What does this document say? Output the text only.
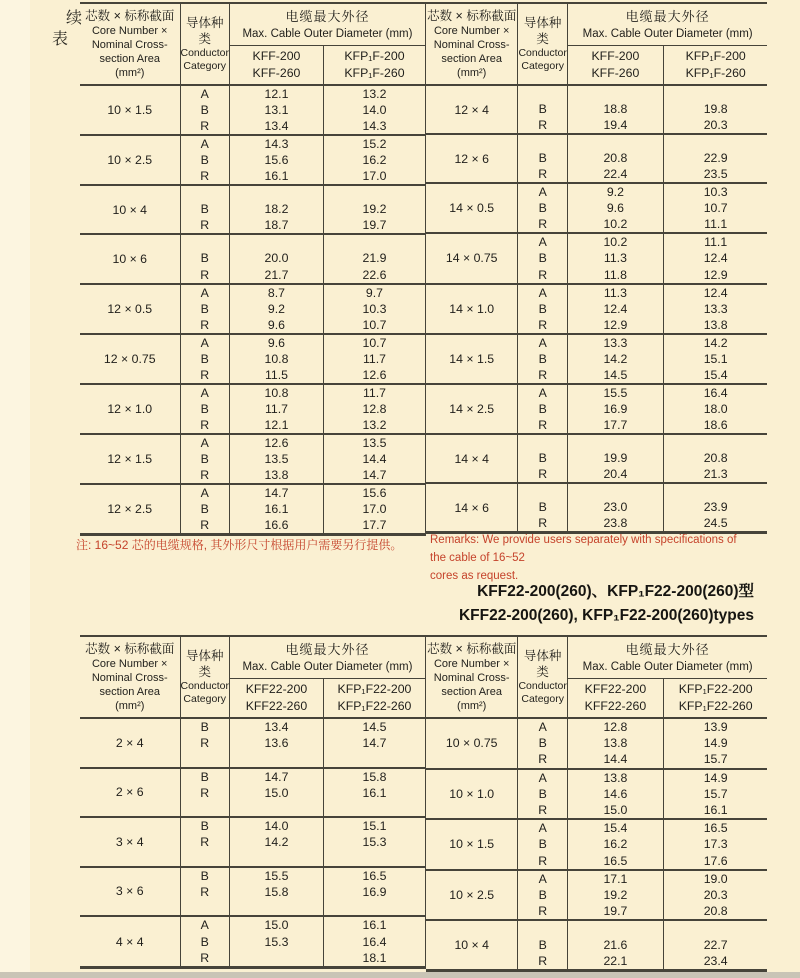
续
表
芯数 × 标称截面
Core Number ×
Nominal Cross-
section Area
(mm²)

导体种
类
Conductor
Category

电缆最大外径
Max. Cable Outer Diameter (mm)

KFF-200
KFF-260

KFP₁F-200
KFP₁F-260

10 × 1.5	A	12.1	13.2
	B	13.1	14.0
	R	13.4	14.3
10 × 2.5	A	14.3	15.2
	B	15.6	16.2
	R	16.1	17.0
10 × 4			
	B	18.2	19.2
	R	18.7	19.7
10 × 6			
	B	20.0	21.9
	R	21.7	22.6
12 × 0.5	A	8.7	9.7
	B	9.2	10.3
	R	9.6	10.7
12 × 0.75	A	9.6	10.7
	B	10.8	11.7
	R	11.5	12.6
12 × 1.0	A	10.8	11.7
	B	11.7	12.8
	R	12.1	13.2
12 × 1.5	A	12.6	13.5
	B	13.5	14.4
	R	13.8	14.7
12 × 2.5	A	14.7	15.6
	B	16.1	17.0
	R	16.6	17.7
芯数 × 标称截面
Core Number ×
Nominal Cross-
section Area
(mm²)

导体种
类
Conductor
Category

电缆最大外径
Max. Cable Outer Diameter (mm)

KFF-200
KFF-260

KFP₁F-200
KFP₁F-260

12 × 4			
	B	18.8	19.8
	R	19.4	20.3
12 × 6			
	B	20.8	22.9
	R	22.4	23.5
14 × 0.5	A	9.2	10.3
	B	9.6	10.7
	R	10.2	11.1
14 × 0.75	A	10.2	11.1
	B	11.3	12.4
	R	11.8	12.9
14 × 1.0	A	11.3	12.4
	B	12.4	13.3
	R	12.9	13.8
14 × 1.5	A	13.3	14.2
	B	14.2	15.1
	R	14.5	15.4
14 × 2.5	A	15.5	16.4
	B	16.9	18.0
	R	17.7	18.6
14 × 4			
	B	19.9	20.8
	R	20.4	21.3
14 × 6			
	B	23.0	23.9
	R	23.8	24.5
注: 16~52 芯的电缆规格, 其外形尺寸根据用户需要另行提供。 Remarks: We provide users separately with specifications of the cable of 16~52
cores as request.
KFF22-200(260)、KFP₁F22-200(260)型
KFF22-200(260), KFP₁F22-200(260)types
芯数 × 标称截面
Core Number ×
Nominal Cross-
section Area
(mm²)

导体种
类
Conductor
Category

电缆最大外径
Max. Cable Outer Diameter (mm)

KFF22-200
KFF22-260

KFP₁F22-200
KFP₁F22-260

2 × 4	B	13.4	14.5
	R	13.6	14.7

2 × 6	B	14.7	15.8
	R	15.0	16.1

3 × 4	B	14.0	15.1
	R	14.2	15.3

3 × 6	B	15.5	16.5
	R	15.8	16.9

4 × 4	A	15.0	16.1
	B	15.3	16.4
	R		18.1
芯数 × 标称截面
Core Number ×
Nominal Cross-
section Area
(mm²)

导体种
类
Conductor
Category

电缆最大外径
Max. Cable Outer Diameter (mm)

KFF22-200
KFF22-260

KFP₁F22-200
KFP₁F22-260

10 × 0.75	A	12.8	13.9
	B	13.8	14.9
	R	14.4	15.7
10 × 1.0	A	13.8	14.9
	B	14.6	15.7
	R	15.0	16.1
10 × 1.5	A	15.4	16.5
	B	16.2	17.3
	R	16.5	17.6
10 × 2.5	A	17.1	19.0
	B	19.2	20.3
	R	19.7	20.8
10 × 4			
	B	21.6	22.7
	R	22.1	23.4
